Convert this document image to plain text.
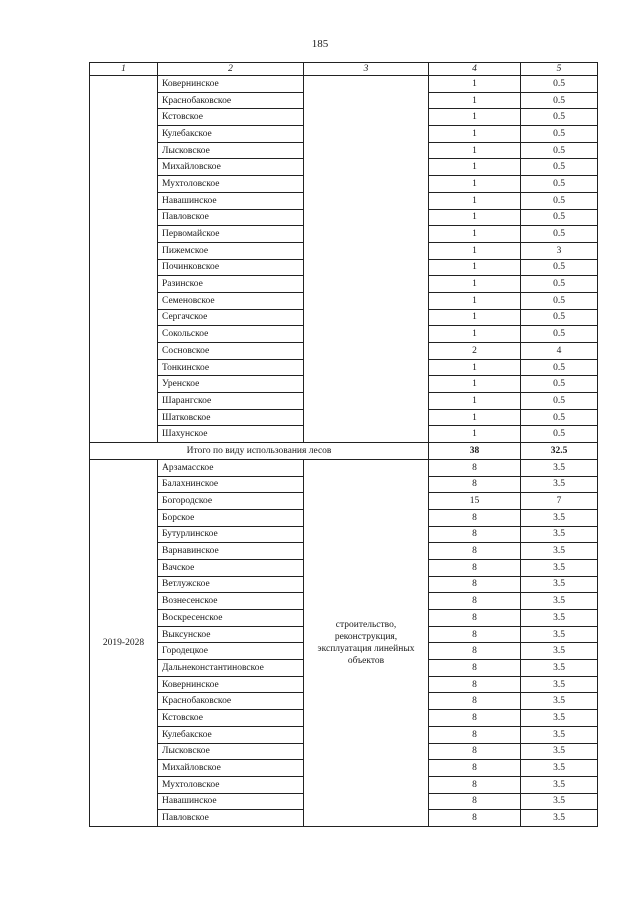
185
1	2	3	4	5
	Ковернинское		1	0.5
	Краснобаковское		1	0.5
	Кстовское		1	0.5
	Кулебакское		1	0.5
	Лысковское		1	0.5
	Михайловское		1	0.5
	Мухтоловское		1	0.5
	Навашинское		1	0.5
	Павловское		1	0.5
	Первомайское		1	0.5
	Пижемское		1	3
	Починковское		1	0.5
	Разинское		1	0.5
	Семеновское		1	0.5
	Сергачское		1	0.5
	Сокольское		1	0.5
	Сосновское		2	4
	Тонкинское		1	0.5
	Уренское		1	0.5
	Шарангское		1	0.5
	Шатковское		1	0.5
	Шахунское		1	0.5
Итого по виду использования лесов			38	32.5
2019-2028	Арзамасское	строительство, реконструкция, эксплуатация линейных объектов	8	3.5
	Балахнинское		8	3.5
	Богородское		15	7
	Борское		8	3.5
	Бутурлинское		8	3.5
	Варнавинское		8	3.5
	Вачское		8	3.5
	Ветлужское		8	3.5
	Вознесенское		8	3.5
	Воскресенское		8	3.5
	Выксунское		8	3.5
	Городецкое		8	3.5
	Дальнеконстантиновское		8	3.5
	Ковернинское		8	3.5
	Краснобаковское		8	3.5
	Кстовское		8	3.5
	Кулебакское		8	3.5
	Лысковское		8	3.5
	Михайловское		8	3.5
	Мухтоловское		8	3.5
	Навашинское		8	3.5
	Павловское		8	3.5
